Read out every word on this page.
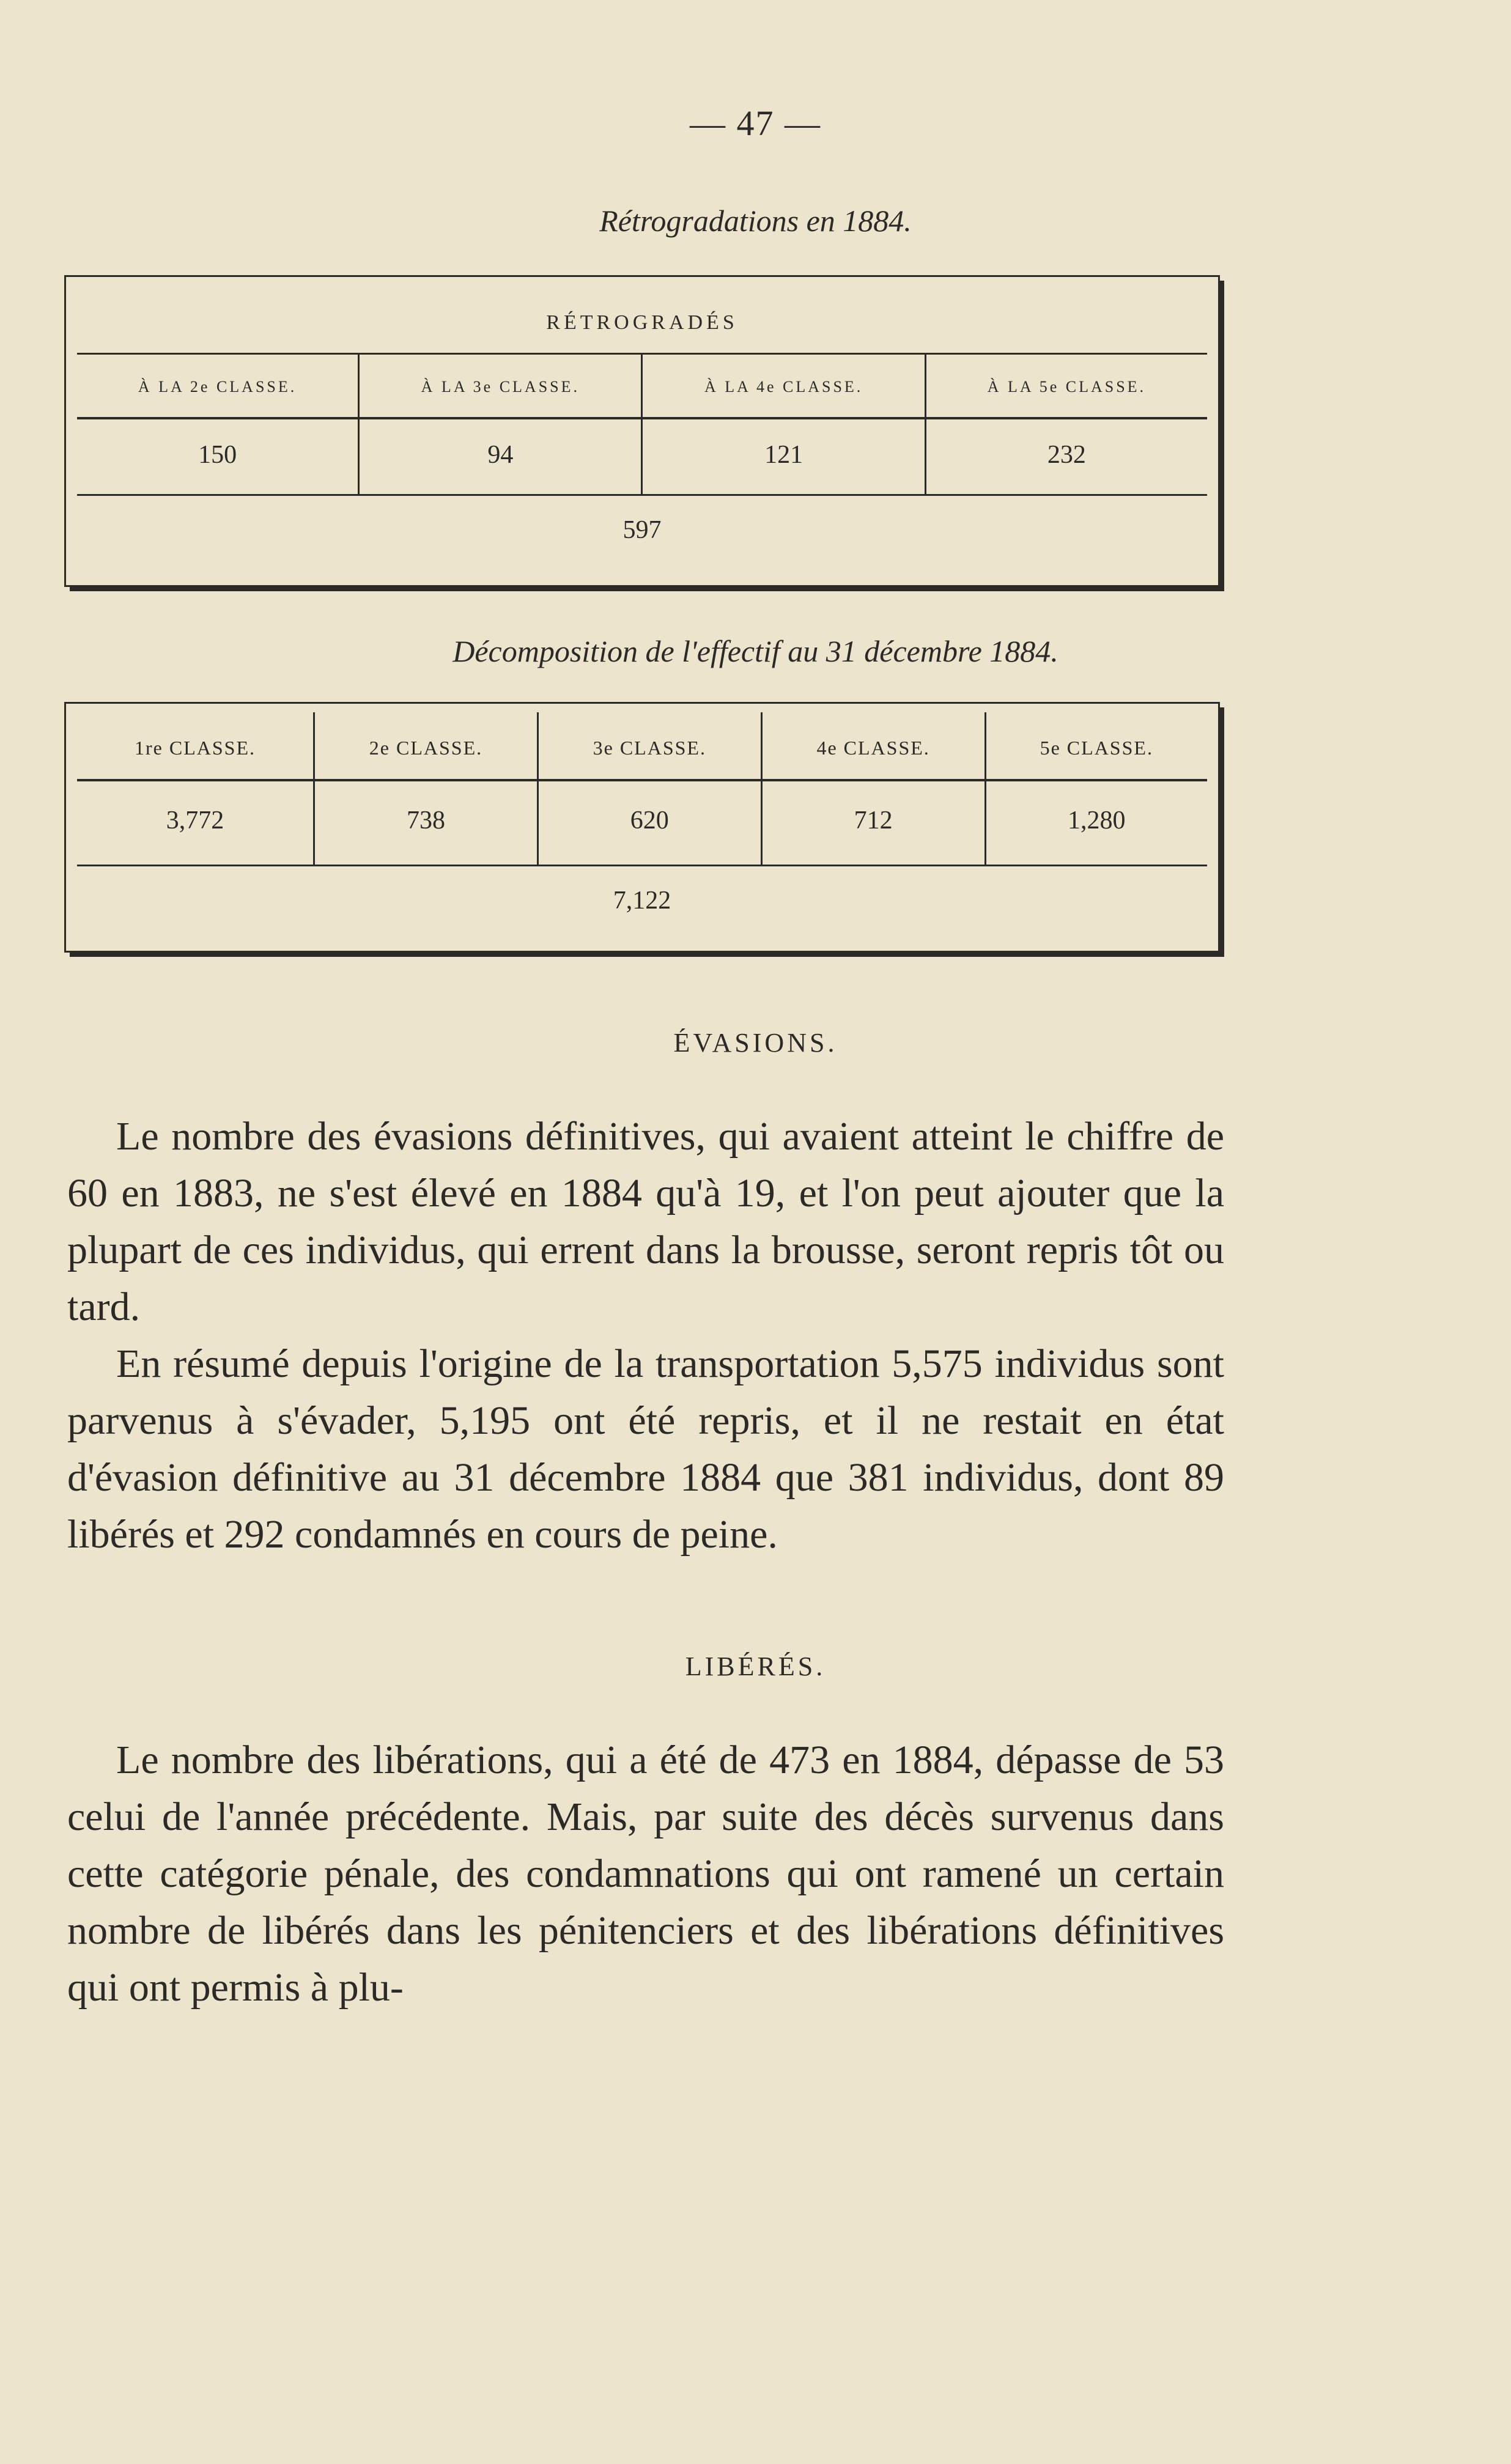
— 47 —
Rétrogradations en 1884.
RÉTROGRADÉS
À LA 2e CLASSE.	À LA 3e CLASSE.	À LA 4e CLASSE.	À LA 5e CLASSE.
150	94	121	232
597
Décomposition de l'effectif au 31 décembre 1884.
1re CLASSE.	2e CLASSE.	3e CLASSE.	4e CLASSE.	5e CLASSE.
3,772	738	620	712	1,280
7,122
ÉVASIONS.

Le nombre des évasions définitives, qui avaient atteint le chiffre de 60 en 1883, ne s'est élevé en 1884 qu'à 19, et l'on peut ajouter que la plupart de ces individus, qui errent dans la brousse, seront repris tôt ou tard.

En résumé depuis l'origine de la transportation 5,575 individus sont parvenus à s'évader, 5,195 ont été repris, et il ne restait en état d'évasion définitive au 31 décembre 1884 que 381 individus, dont 89 libérés et 292 condamnés en cours de peine.

LIBÉRÉS.

Le nombre des libérations, qui a été de 473 en 1884, dépasse de 53 celui de l'année précédente. Mais, par suite des décès survenus dans cette catégorie pénale, des condamnations qui ont ramené un certain nombre de libérés dans les pénitenciers et des libérations définitives qui ont permis à plu-
